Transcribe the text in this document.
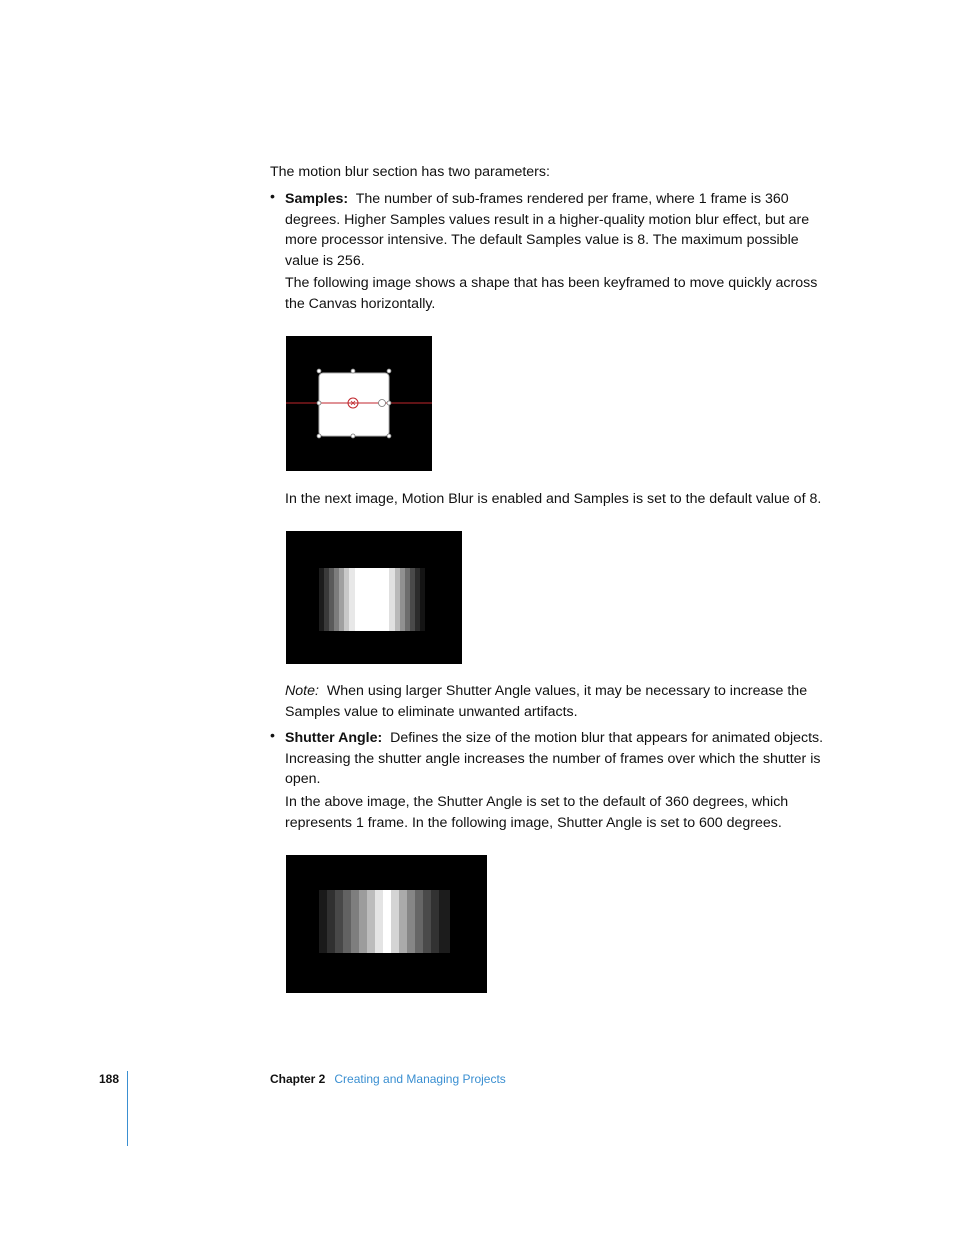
The motion blur section has two parameters:

• Samples: The number of sub-frames rendered per frame, where 1 frame is 360 degrees. Higher Samples values result in a higher-quality motion blur effect, but are more processor intensive. The default Samples value is 8. The maximum possible value is 256.

The following image shows a shape that has been keyframed to move quickly across the Canvas horizontally.

In the next image, Motion Blur is enabled and Samples is set to the default value of 8.

Note: When using larger Shutter Angle values, it may be necessary to increase the Samples value to eliminate unwanted artifacts.

• Shutter Angle: Defines the size of the motion blur that appears for animated objects. Increasing the shutter angle increases the number of frames over which the shutter is open.

In the above image, the Shutter Angle is set to the default of 360 degrees, which represents 1 frame. In the following image, Shutter Angle is set to 600 degrees.

188	Chapter 2 Creating and Managing Projects
